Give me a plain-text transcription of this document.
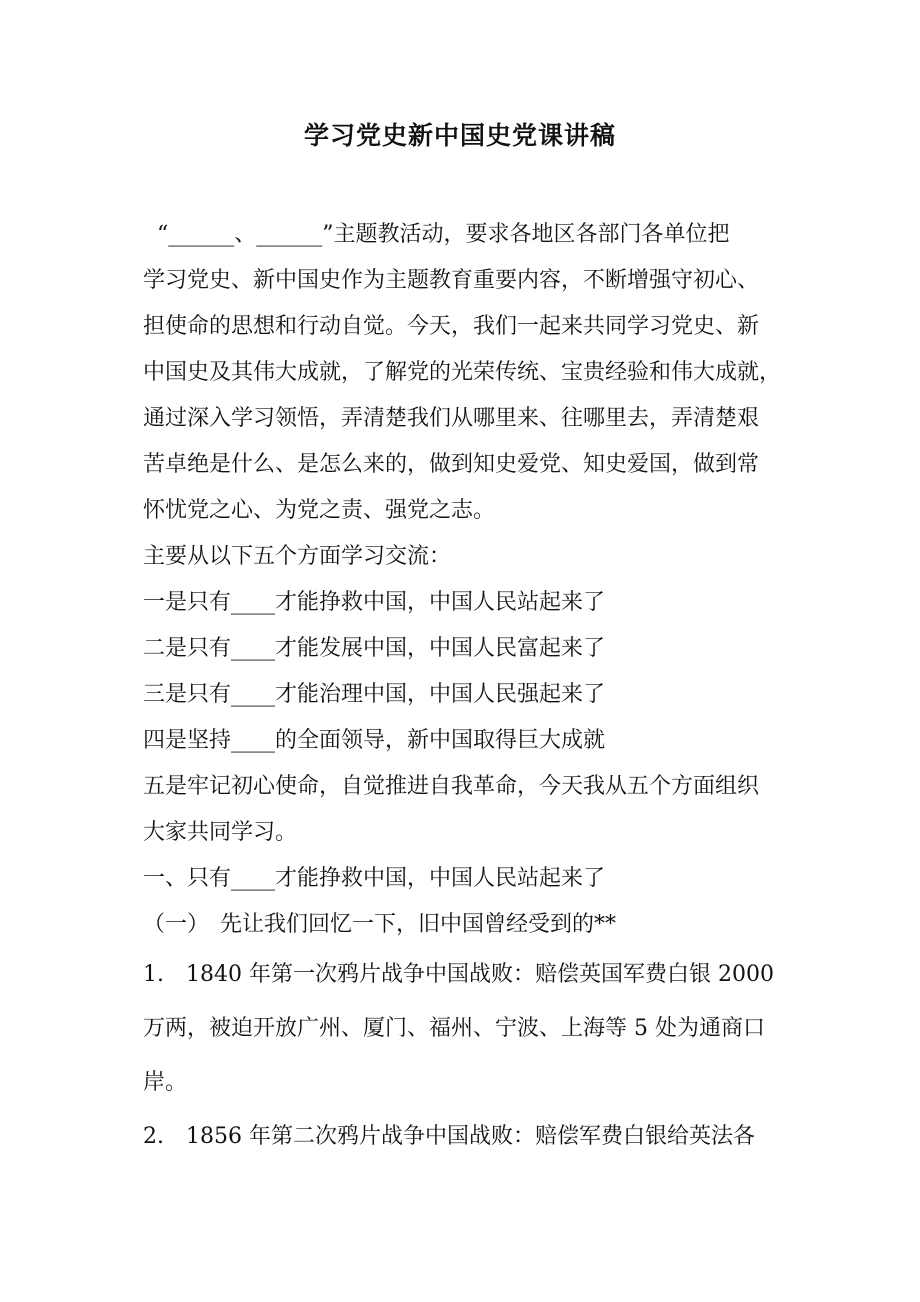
学习党史新中国史党课讲稿

“______、______”主题教活动，要求各地区各部门各单位把

学习党史、新中国史作为主题教育重要内容，不断增强守初心、

担使命的思想和行动自觉。今天，我们一起来共同学习党史、新

中国史及其伟大成就，了解党的光荣传统、宝贵经验和伟大成就，

通过深入学习领悟，弄清楚我们从哪里来、往哪里去，弄清楚艰

苦卓绝是什么、是怎么来的，做到知史爱党、知史爱国，做到常

怀忧党之心、为党之责、强党之志。

主要从以下五个方面学习交流：

一是只有____才能挣救中国，中国人民站起来了

二是只有____才能发展中国，中国人民富起来了

三是只有____才能治理中国，中国人民强起来了

四是坚持____的全面领导，新中国取得巨大成就

五是牢记初心使命，自觉推进自我革命，今天我从五个方面组织

大家共同学习。

一、只有____才能挣救中国，中国人民站起来了

（一）　先让我们回忆一下，旧中国曾经受到的**

1.　1840 年第一次鸦片战争中国战败：赔偿英国军费白银 2000

万两，被迫开放广州、厦门、福州、宁波、上海等 5 处为通商口

岸。

2.　1856 年第二次鸦片战争中国战败：赔偿军费白银给英法各
